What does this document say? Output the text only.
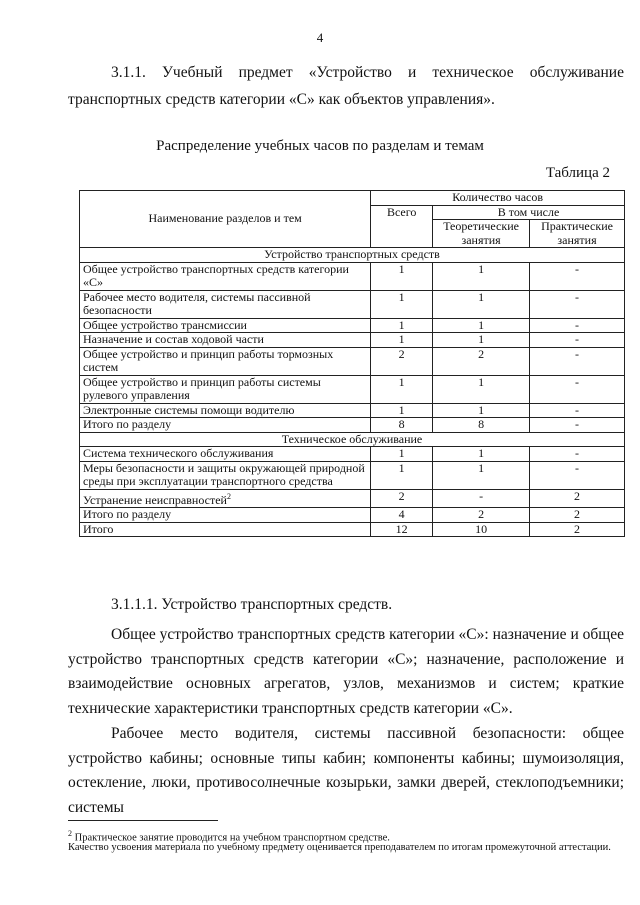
4
3.1.1. Учебный предмет «Устройство и техническое обслуживание
транспортных средств категории «С» как объектов управления».
Распределение учебных часов по разделам и темам
Таблица 2
Наименование разделов и тем	Количество часов		
	Всего	В том числе	
		Теоретические занятия	Практические занятия
Устройство транспортных средств			
Общее устройство транспортных средств категории «С»	1	1	-
Рабочее место водителя, системы пассивной безопасности	1	1	-
Общее устройство трансмиссии	1	1	-
Назначение и состав ходовой части	1	1	-
Общее устройство и принцип работы тормозных систем	2	2	-
Общее устройство и принцип работы системы рулевого управления	1	1	-
Электронные системы помощи водителю	1	1	-
Итого по разделу	8	8	-
Техническое обслуживание			
Система технического обслуживания	1	1	-
Меры безопасности и защиты окружающей природной среды при эксплуатации транспортного средства	1	1	-
Устранение неисправностей$^2$	2	-	2
Итого по разделу	4	2	2
Итого	12	10	2
3.1.1.1. Устройство транспортных средств.
Общее устройство транспортных средств категории «С»: назначение и общее устройство транспортных средств категории «С»; назначение, расположение и взаимодействие основных агрегатов, узлов, механизмов и систем; краткие технические характеристики транспортных средств категории «С».
Рабочее место водителя, системы пассивной безопасности: общее устройство кабины; основные типы кабин; компоненты кабины; шумоизоляция, остекление, люки, противосолнечные козырьки, замки дверей, стеклоподъемники; системы
$^2$ Практическое занятие проводится на учебном транспортном средстве.
Качество усвоения материала по учебному предмету оценивается преподавателем по итогам промежуточной аттестации.
